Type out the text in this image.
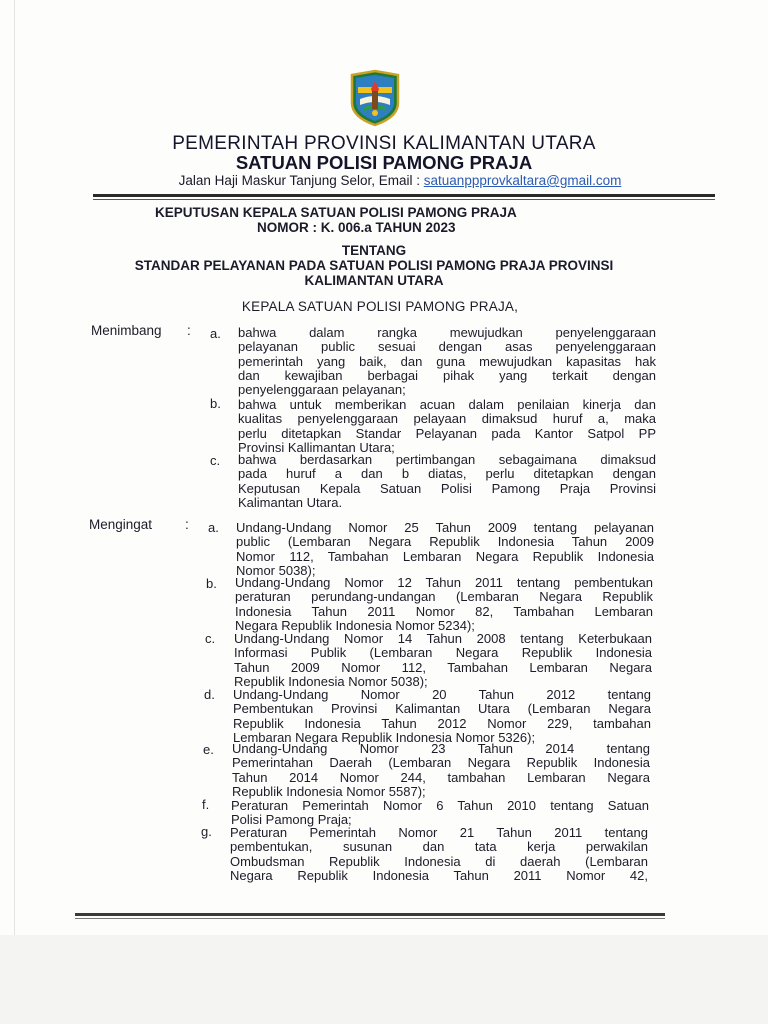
PEMERINTAH PROVINSI KALIMANTAN UTARA
SATUAN POLISI PAMONG PRAJA
Jalan Haji Maskur Tanjung Selor, Email : satuanppprovkaltara@gmail.com
KEPUTUSAN KEPALA SATUAN POLISI PAMONG PRAJA
NOMOR : K. 006.a TAHUN 2023
TENTANG
STANDAR PELAYANAN PADA SATUAN POLISI PAMONG PRAJA PROVINSI
KALIMANTAN UTARA
KEPALA SATUAN POLISI PAMONG PRAJA,
Menimbang : a. bahwa dalam rangka mewujudkan penyelenggaraan
pelayanan public sesuai dengan asas penyelenggaraan
pemerintah yang baik, dan guna mewujudkan kapasitas hak
dan kewajiban berbagai pihak yang terkait dengan
penyelenggaraan pelayanan;
b. bahwa untuk memberikan acuan dalam penilaian kinerja dan
kualitas penyelenggaraan pelayaan dimaksud huruf a, maka
perlu ditetapkan Standar Pelayanan pada Kantor Satpol PP
Provinsi Kallimantan Utara;
c. bahwa berdasarkan pertimbangan sebagaimana dimaksud
pada huruf a dan b diatas, perlu ditetapkan dengan
Keputusan Kepala Satuan Polisi Pamong Praja Provinsi
Kalimantan Utara.
Mengingat : a. Undang-Undang Nomor 25 Tahun 2009 tentang pelayanan
public (Lembaran Negara Republik Indonesia Tahun 2009
Nomor 112, Tambahan Lembaran Negara Republik Indonesia
Nomor 5038);
b. Undang-Undang Nomor 12 Tahun 2011 tentang pembentukan
peraturan perundang-undangan (Lembaran Negara Republik
Indonesia Tahun 2011 Nomor 82, Tambahan Lembaran
Negara Republik Indonesia Nomor 5234);
c. Undang-Undang Nomor 14 Tahun 2008 tentang Keterbukaan
Informasi Publik (Lembaran Negara Republik Indonesia
Tahun 2009 Nomor 112, Tambahan Lembaran Negara
Republik Indonesia Nomor 5038);
d. Undang-Undang Nomor 20 Tahun 2012 tentang
Pembentukan Provinsi Kalimantan Utara (Lembaran Negara
Republik Indonesia Tahun 2012 Nomor 229, tambahan
Lembaran Negara Republik Indonesia Nomor 5326);
e. Undang-Undang Nomor 23 Tahun 2014 tentang
Pemerintahan Daerah (Lembaran Negara Republik Indonesia
Tahun 2014 Nomor 244, tambahan Lembaran Negara
Republik Indonesia Nomor 5587);
f. Peraturan Pemerintah Nomor 6 Tahun 2010 tentang Satuan
Polisi Pamong Praja;
g. Peraturan Pemerintah Nomor 21 Tahun 2011 tentang
pembentukan, susunan dan tata kerja perwakilan
Ombudsman Republik Indonesia di daerah (Lembaran
Negara Republik Indonesia Tahun 2011 Nomor 42,
